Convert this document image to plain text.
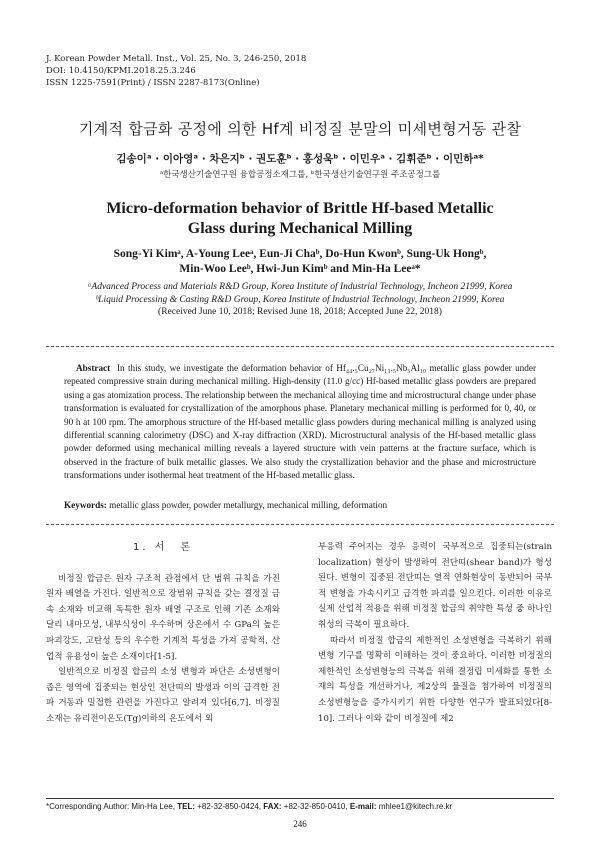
J. Korean Powder Metall. Inst., Vol. 25, No. 3, 246-250, 2018
DOI: 10.4150/KPMI.2018.25.3.246
ISSN 1225-7591(Print) / ISSN 2287-8173(Online)
기계적 합금화 공정에 의한 Hf계 비정질 분말의 미세변형거동 관찰
김송이ᵃ · 이아영ᵃ · 차은지ᵇ · 권도훈ᵇ · 홍성욱ᵇ · 이민우ᵃ · 김휘준ᵇ · 이민하ᵃ*
ᵃ한국생산기술연구원 융합공정소재그룹, ᵇ한국생산기술연구원 주조공정그룹
Micro-deformation behavior of Brittle Hf-based Metallic
Glass during Mechanical Milling
Song-Yi Kimᵃ, A-Young Leeᵃ, Eun-Ji Chaᵇ, Do-Hun Kwonᵇ, Sung-Uk Hongᵇ,
Min-Woo Leeᵇ, Hwi-Jun Kimᵇ and Min-Ha Leeᵃ*
ᵃAdvanced Process and Materials R&D Group, Korea Institute of Industrial Technology, Incheon 21999, Korea
ᵇLiquid Processing & Casting R&D Group, Korea Institute of Industrial Technology, Incheon 21999, Korea
(Received June 10, 2018; Revised June 18, 2018; Accepted June 22, 2018)
Abstract In this study, we investigate the deformation behavior of Hf₄₄.₅Cu₂₇Ni₁₃.₅Nb₅Al₁₀ metallic glass powder under repeated compressive strain during mechanical milling. High-density (11.0 g/cc) Hf-based metallic glass powders are prepared using a gas atomization process. The relationship between the mechanical alloying time and microstructural change under phase transformation is evaluated for crystallization of the amorphous phase. Planetary mechanical milling is performed for 0, 40, or 90 h at 100 rpm. The amorphous structure of the Hf-based metallic glass powders during mechanical milling is analyzed using differential scanning calorimetry (DSC) and X-ray diffraction (XRD). Microstructural analysis of the Hf-based metallic glass powder deformed using mechanical milling reveals a layered structure with vein patterns at the fracture surface, which is observed in the fracture of bulk metallic glasses. We also study the crystallization behavior and the phase and microstructure transformations under isothermal heat treatment of the Hf-based metallic glass.
Keywords: metallic glass powder, powder metallurgy, mechanical milling, deformation
1. 서　론

비정질 합금은 원자 구조적 관점에서 단 범위 규칙을 가진 원자 배열을 가진다. 일반적으로 장범위 규칙을 갖는 결정질 금속 소재와 비교해 독특한 원자 배열 구조로 인해 기존 소재와 달리 내마모성, 내부식성이 우수하며 상온에서 수 GPa의 높은 파괴강도, 고탄성 등의 우수한 기계적 특성을 가져 공학적, 산업적 유용성이 높은 소재이다[1-5].

일반적으로 비정질 합금의 소성 변형과 파단은 소성변형이 좁은 영역에 집중되는 현상인 전단띠의 발생과 이의 급격한 전파 거동과 밀접한 관련을 가진다고 알려져 있다[6,7]. 비정질 소재는 유리전이온도(Tg)이하의 온도에서 외

부응력 주어지는 경우 응력이 국부적으로 집중되는(strain localization) 현상이 발생하여 전단띠(shear band)가 형성된다. 변형이 집중된 전단띠는 열적 연화현상이 동반되어 국부적 변형을 가속시키고 급격한 파괴를 일으킨다. 이러한 이유로 실제 산업적 적용을 위해 비정질 합금의 취약한 특성 중 하나인 취성의 극복이 필요하다.

따라서 비정질 합금의 제한적인 소성변형을 극복하기 위해 변형 기구를 명확히 이해하는 것이 중요하다. 이러한 비정질의 제한적인 소성변형능의 극복을 위해 결정립 미세화를 통한 소재의 특성을 개선하거나, 제2상의 물질을 첨가하여 비정질의 소성변형능을 증가시키기 위한 다양한 연구가 발표되었다[8-10]. 그러나 이와 같이 비정질에 제2

*Corresponding Author: Min-Ha Lee, TEL: +82-32-850-0424, FAX: +82-32-850-0410, E-mail: mhlee1@kitech.re.kr
246
